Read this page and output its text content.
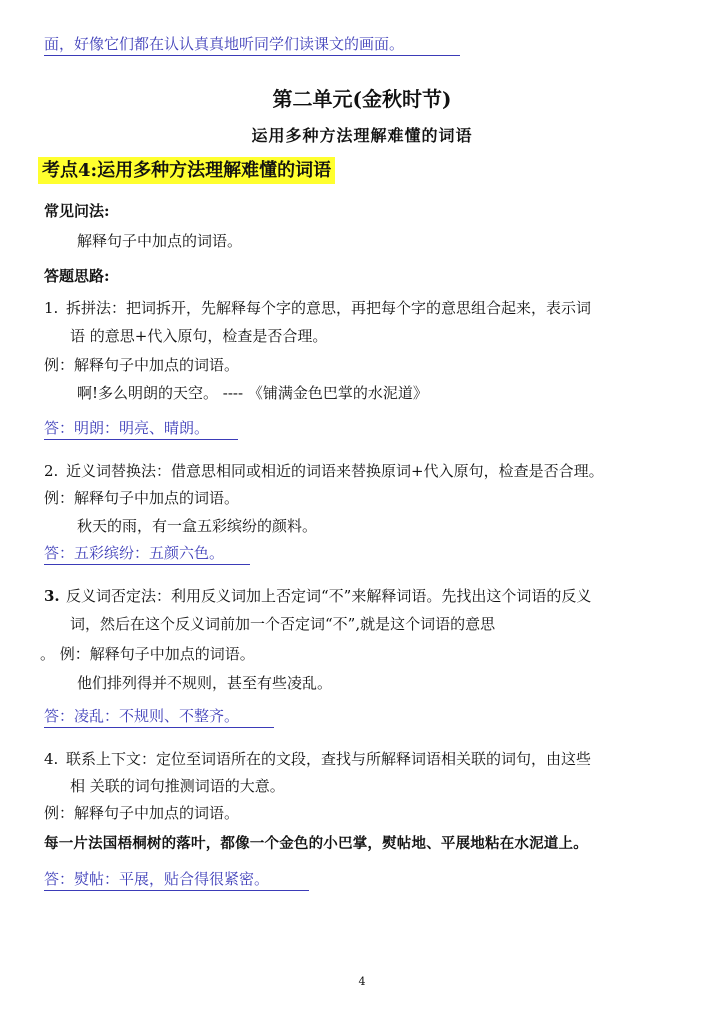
面，好像它们都在认认真真地听同学们读课文的画面。
第二单元(金秋时节)
运用多种方法理解难懂的词语
考点4:运用多种方法理解难懂的词语
常见问法:
解释句子中加点的词语。
答题思路:
1. 拆拼法：把词拆开，先解释每个字的意思，再把每个字的意思组合起来，表示词
语 的意思+代入原句，检查是否合理。
例：解释句子中加点的词语。
啊!多么明朗的天空。 ---- 《铺满金色巴掌的水泥道》
答：明朗：明亮、晴朗。
2. 近义词替换法：借意思相同或相近的词语来替换原词+代入原句，检查是否合理。
例：解释句子中加点的词语。
秋天的雨，有一盒五彩缤纷的颜料。
答：五彩缤纷：五颜六色。
3. 反义词否定法：利用反义词加上否定词“不”来解释词语。先找出这个词语的反义
词，然后在这个反义词前加一个否定词“不”,就是这个词语的意思
。 例：解释句子中加点的词语。
他们排列得并不规则，甚至有些凌乱。
答：凌乱：不规则、不整齐。
4. 联系上下文：定位至词语所在的文段，查找与所解释词语相关联的词句，由这些
相 关联的词句推测词语的大意。
例：解释句子中加点的词语。
每一片法国梧桐树的落叶，都像一个金色的小巴掌，熨帖地、平展地粘在水泥道上。
答：熨帖：平展，贴合得很紧密。
4
